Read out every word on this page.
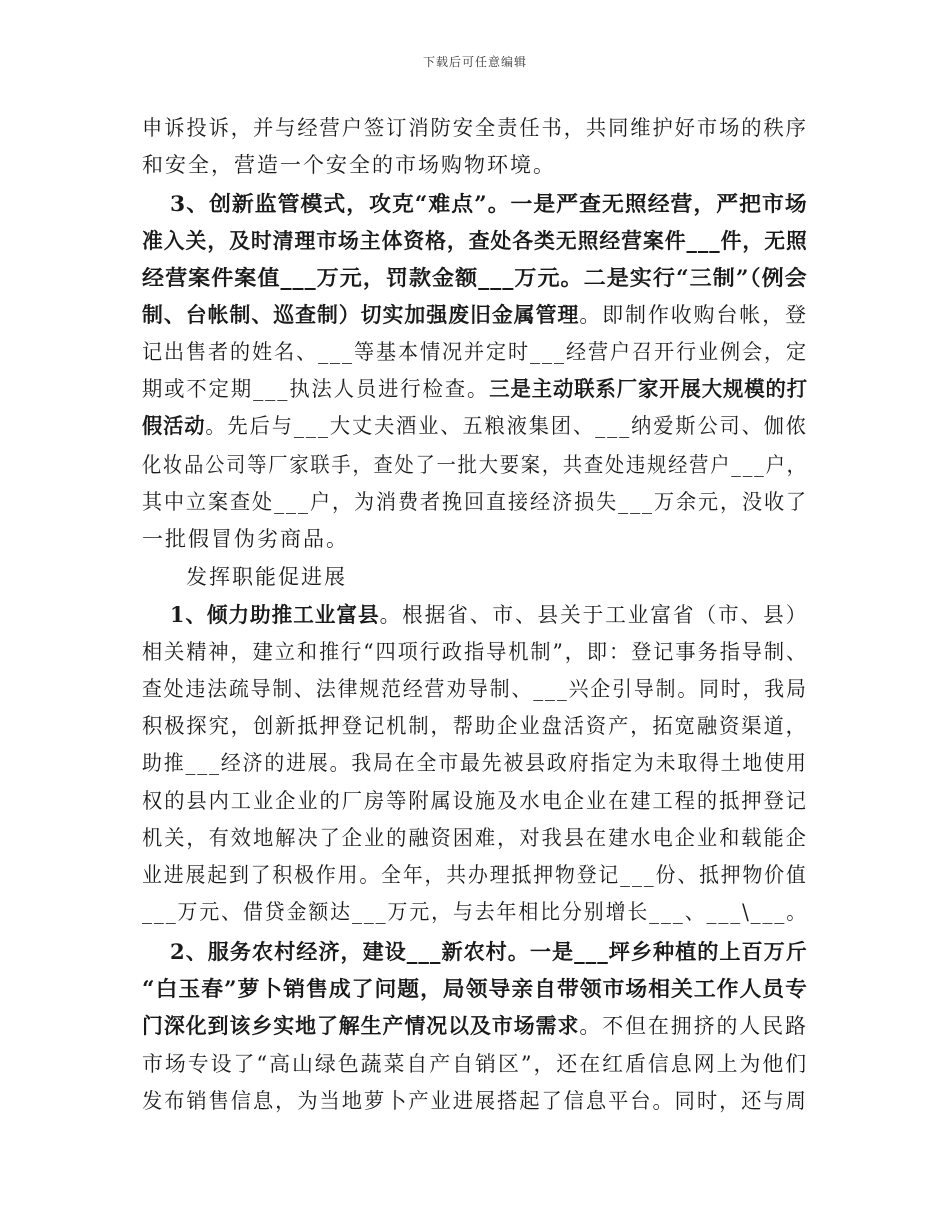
下载后可任意编辑
申诉投诉，并与经营户签订消防安全责任书，共同维护好市场的秩序
和安全，营造一个安全的市场购物环境。
3、创新监管模式，攻克“难点”。一是严查无照经营，严把市场
准入关，及时清理市场主体资格，查处各类无照经营案件___件，无照
经营案件案值___万元，罚款金额___万元。二是实行“三制”（例会
制、台帐制、巡查制）切实加强废旧金属管理。即制作收购台帐，登
记出售者的姓名、___等基本情况并定时___经营户召开行业例会，定
期或不定期___执法人员进行检查。三是主动联系厂家开展大规模的打
假活动。先后与___大丈夫酒业、五粮液集团、___纳爱斯公司、伽侬
化妆品公司等厂家联手，查处了一批大要案，共查处违规经营户___户，
其中立案查处___户，为消费者挽回直接经济损失___万余元，没收了
一批假冒伪劣商品。
发挥职能促进展
1、倾力助推工业富县。根据省、市、县关于工业富省（市、县）
相关精神，建立和推行“四项行政指导机制”，即：登记事务指导制、
查处违法疏导制、法律规范经营劝导制、___兴企引导制。同时，我局
积极探究，创新抵押登记机制，帮助企业盘活资产，拓宽融资渠道，
助推___经济的进展。我局在全市最先被县政府指定为未取得土地使用
权的县内工业企业的厂房等附属设施及水电企业在建工程的抵押登记
机关，有效地解决了企业的融资困难，对我县在建水电企业和载能企
业进展起到了积极作用。全年，共办理抵押物登记___份、抵押物价值
___万元、借贷金额达___万元，与去年相比分别增长___、___\___。
2、服务农村经济，建设___新农村。一是___坪乡种植的上百万斤
“白玉春”萝卜销售成了问题，局领导亲自带领市场相关工作人员专
门深化到该乡实地了解生产情况以及市场需求。不但在拥挤的人民路
市场专设了“高山绿色蔬菜自产自销区”，还在红盾信息网上为他们
发布销售信息，为当地萝卜产业进展搭起了信息平台。同时，还与周
